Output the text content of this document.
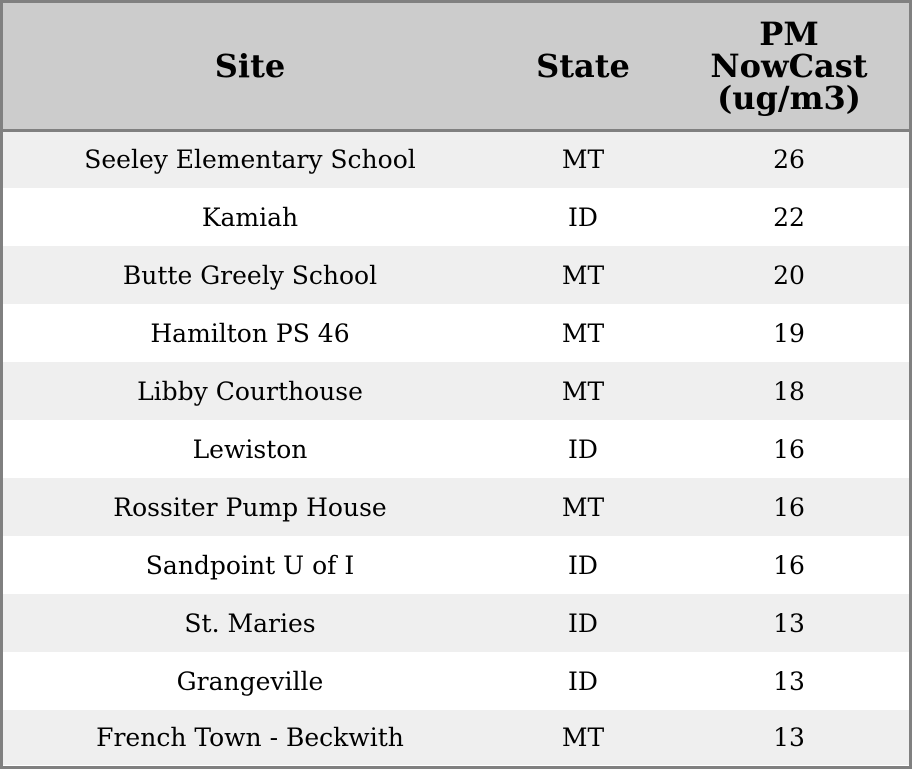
Site	State	PM
NowCast
(ug/m3)

Seeley Elementary School	MT	26
Kamiah	ID	22
Butte Greely School	MT	20
Hamilton PS 46	MT	19
Libby Courthouse	MT	18
Lewiston	ID	16
Rossiter Pump House	MT	16
Sandpoint U of I	ID	16
St. Maries	ID	13
Grangeville	ID	13
French Town - Beckwith	MT	13
